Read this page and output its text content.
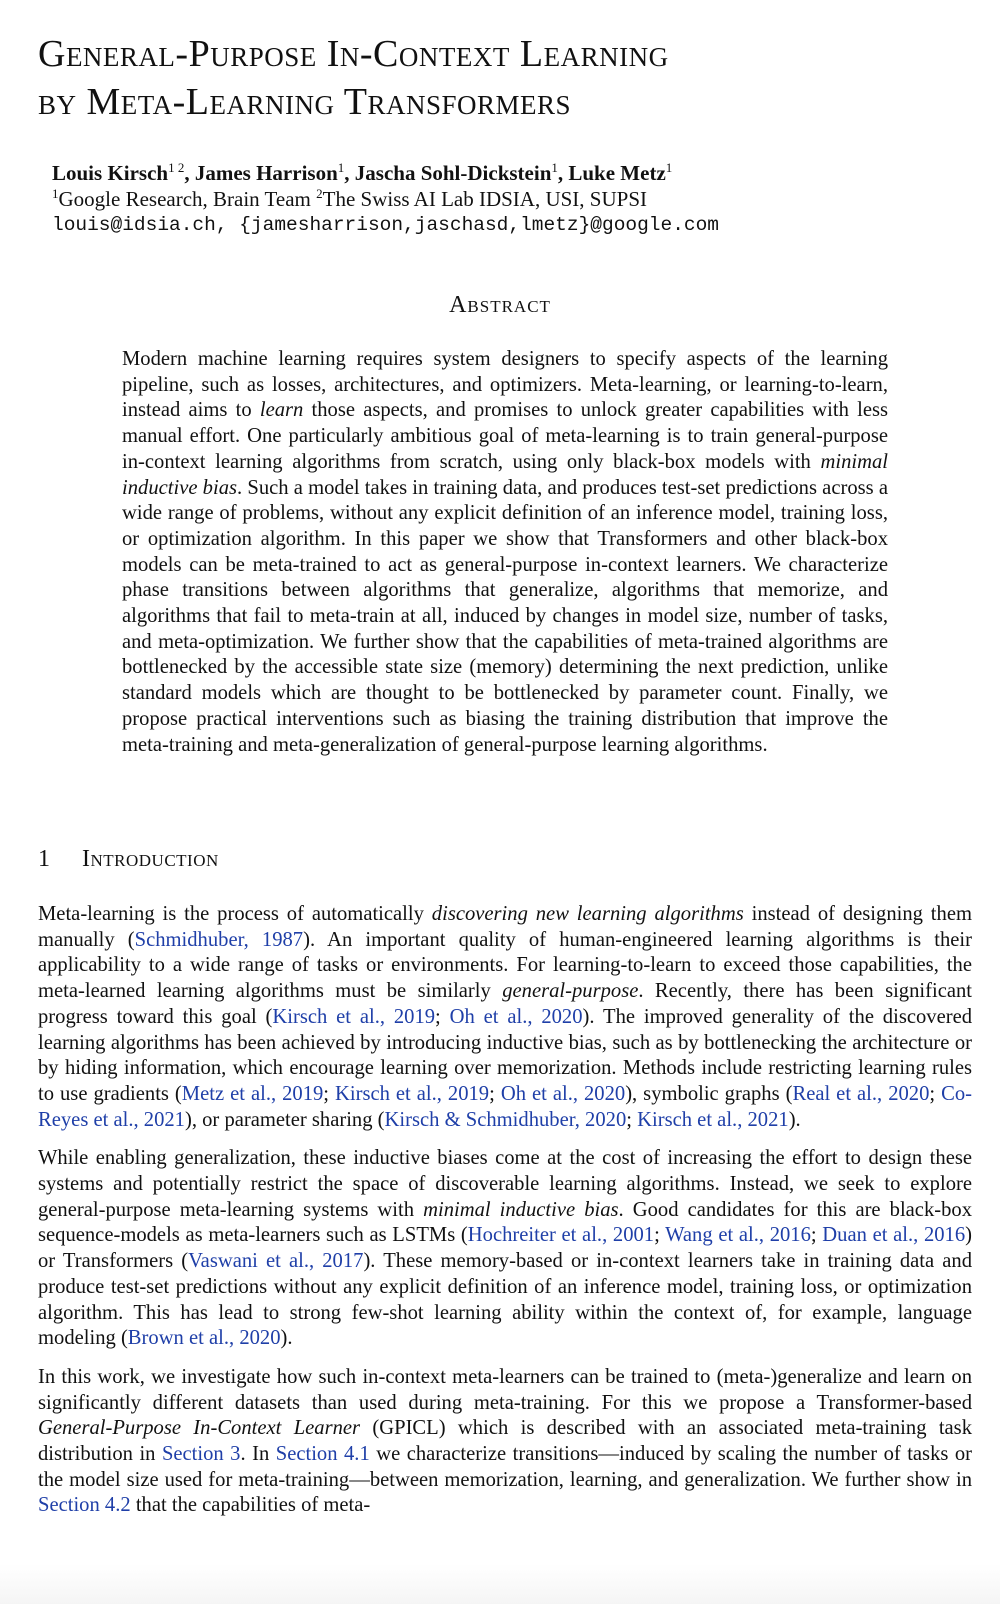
General-Purpose In-Context Learning
by Meta-Learning Transformers
Louis Kirsch$^{1 2}$, James Harrison$^1$, Jascha Sohl-Dickstein$^1$, Luke Metz$^1$
$^1$Google Research, Brain Team $^2$The Swiss AI Lab IDSIA, USI, SUPSI
louis@idsia.ch, {jamesharrison,jaschasd,lmetz}@google.com
Abstract

Modern machine learning requires system designers to specify aspects of the learning pipeline, such as losses, architectures, and optimizers. Meta-learning, or learning-to-learn, instead aims to learn those aspects, and promises to unlock greater capabilities with less manual effort. One particularly ambitious goal of meta-learning is to train general-purpose in-context learning algorithms from scratch, using only black-box models with minimal inductive bias. Such a model takes in training data, and produces test-set predictions across a wide range of problems, without any explicit definition of an inference model, training loss, or optimization algorithm. In this paper we show that Transformers and other black-box models can be meta-trained to act as general-purpose in-context learners. We characterize phase transitions between algorithms that generalize, algorithms that memorize, and algorithms that fail to meta-train at all, induced by changes in model size, number of tasks, and meta-optimization. We further show that the capabilities of meta-trained algorithms are bottlenecked by the accessible state size (memory) determining the next prediction, unlike standard models which are thought to be bottlenecked by parameter count. Finally, we propose practical interventions such as biasing the training distribution that improve the meta-training and meta-generalization of general-purpose learning algorithms.

1 Introduction

Meta-learning is the process of automatically discovering new learning algorithms instead of designing them manually (Schmidhuber, 1987). An important quality of human-engineered learning algorithms is their applicability to a wide range of tasks or environments. For learning-to-learn to exceed those capabilities, the meta-learned learning algorithms must be similarly general-purpose. Recently, there has been significant progress toward this goal (Kirsch et al., 2019; Oh et al., 2020). The improved generality of the discovered learning algorithms has been achieved by introducing inductive bias, such as by bottlenecking the architecture or by hiding information, which encourage learning over memorization. Methods include restricting learning rules to use gradients (Metz et al., 2019; Kirsch et al., 2019; Oh et al., 2020), symbolic graphs (Real et al., 2020; Co-Reyes et al., 2021), or parameter sharing (Kirsch & Schmidhuber, 2020; Kirsch et al., 2021).

While enabling generalization, these inductive biases come at the cost of increasing the effort to design these systems and potentially restrict the space of discoverable learning algorithms. Instead, we seek to explore general-purpose meta-learning systems with minimal inductive bias. Good candidates for this are black-box sequence-models as meta-learners such as LSTMs (Hochreiter et al., 2001; Wang et al., 2016; Duan et al., 2016) or Transformers (Vaswani et al., 2017). These memory-based or in-context learners take in training data and produce test-set predictions without any explicit definition of an inference model, training loss, or optimization algorithm. This has lead to strong few-shot learning ability within the context of, for example, language modeling (Brown et al., 2020).

In this work, we investigate how such in-context meta-learners can be trained to (meta-)generalize and learn on significantly different datasets than used during meta-training. For this we propose a Transformer-based General-Purpose In-Context Learner (GPICL) which is described with an associated meta-training task distribution in Section 3. In Section 4.1 we characterize transitions—induced by scaling the number of tasks or the model size used for meta-training—between memorization, learning, and generalization. We further show in Section 4.2 that the capabilities of meta-
